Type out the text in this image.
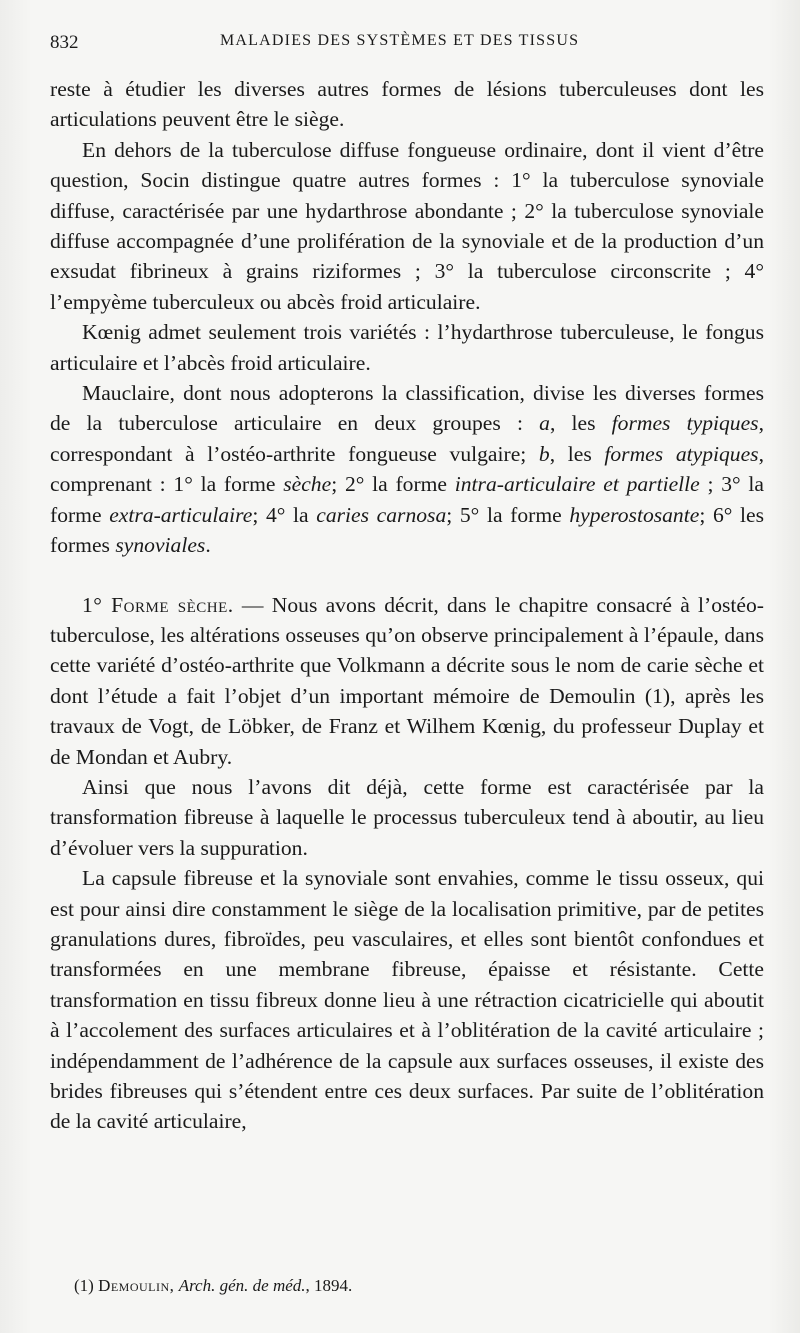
832	MALADIES DES SYSTÈMES ET DES TISSUS

reste à étudier les diverses autres formes de lésions tuberculeuses dont les articulations peuvent être le siège.

En dehors de la tuberculose diffuse fongueuse ordinaire, dont il vient d’être question, Socin distingue quatre autres formes : 1° la tuberculose synoviale diffuse, caractérisée par une hydarthrose abondante ; 2° la tuberculose synoviale diffuse accompagnée d’une prolifération de la synoviale et de la production d’un exsudat fibrineux à grains riziformes ; 3° la tuberculose circonscrite ; 4° l’empyème tuberculeux ou abcès froid articulaire.

Kœnig admet seulement trois variétés : l’hydarthrose tuberculeuse, le fongus articulaire et l’abcès froid articulaire.

Mauclaire, dont nous adopterons la classification, divise les diverses formes de la tuberculose articulaire en deux groupes : a, les formes typiques, correspondant à l’ostéo-arthrite fongueuse vulgaire; b, les formes atypiques, comprenant : 1° la forme sèche; 2° la forme intra-articulaire et partielle ; 3° la forme extra-articulaire; 4° la caries carnosa; 5° la forme hyperostosante; 6° les formes synoviales.

1° Forme sèche. — Nous avons décrit, dans le chapitre consacré à l’ostéo-tuberculose, les altérations osseuses qu’on observe principalement à l’épaule, dans cette variété d’ostéo-arthrite que Volkmann a décrite sous le nom de carie sèche et dont l’étude a fait l’objet d’un important mémoire de Demoulin (1), après les travaux de Vogt, de Löbker, de Franz et Wilhem Kœnig, du professeur Duplay et de Mondan et Aubry.

Ainsi que nous l’avons dit déjà, cette forme est caractérisée par la transformation fibreuse à laquelle le processus tuberculeux tend à aboutir, au lieu d’évoluer vers la suppuration.

La capsule fibreuse et la synoviale sont envahies, comme le tissu osseux, qui est pour ainsi dire constamment le siège de la localisation primitive, par de petites granulations dures, fibroïdes, peu vasculaires, et elles sont bientôt confondues et transformées en une membrane fibreuse, épaisse et résistante. Cette transformation en tissu fibreux donne lieu à une rétraction cicatricielle qui aboutit à l’accolement des surfaces articulaires et à l’oblitération de la cavité articulaire ; indépendamment de l’adhérence de la capsule aux surfaces osseuses, il existe des brides fibreuses qui s’étendent entre ces deux surfaces. Par suite de l’oblitération de la cavité articulaire,

(1) Demoulin, Arch. gén. de méd., 1894.
